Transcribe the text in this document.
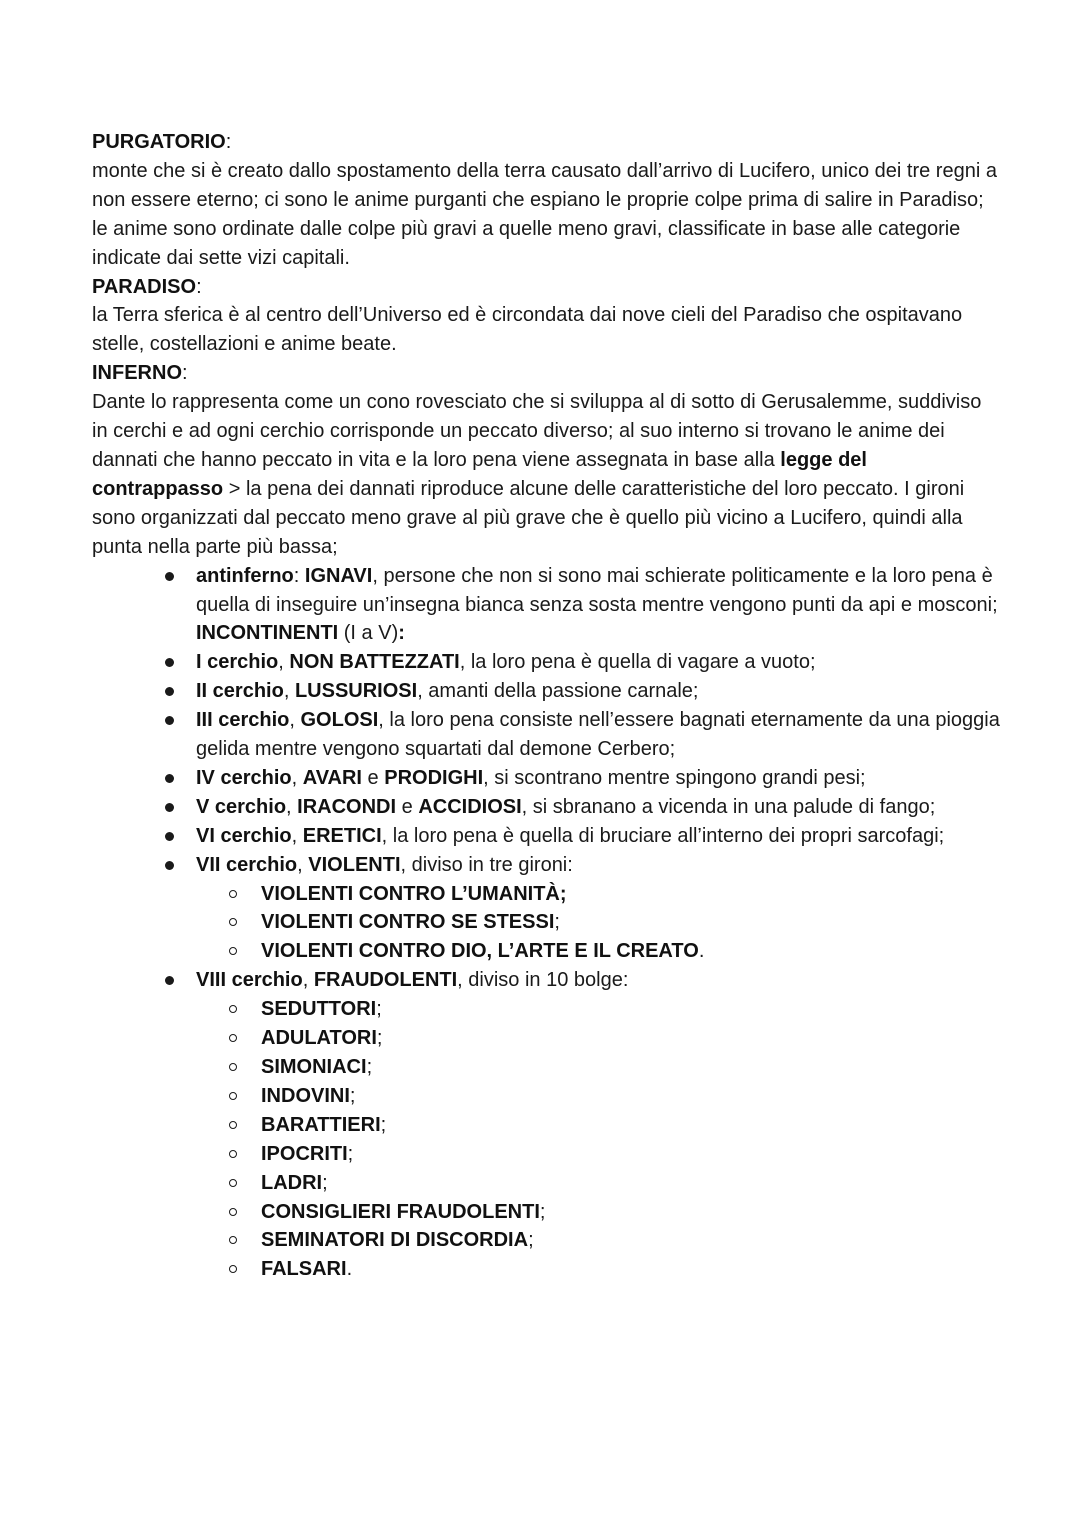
PURGATORIO:

monte che si è creato dallo spostamento della terra causato dall’arrivo di Lucifero, unico dei tre regni a non essere eterno; ci sono le anime purganti che espiano le proprie colpe prima di salire in Paradiso; le anime sono ordinate dalle colpe più gravi a quelle meno gravi, classificate in base alle categorie indicate dai sette vizi capitali.

PARADISO:

la Terra sferica è al centro dell’Universo ed è circondata dai nove cieli del Paradiso che ospitavano stelle, costellazioni e anime beate.

INFERNO:

Dante lo rappresenta come un cono rovesciato che si sviluppa al di sotto di Gerusalemme, suddiviso in cerchi e ad ogni cerchio corrisponde un peccato diverso; al suo interno si trovano le anime dei dannati che hanno peccato in vita e la loro pena viene assegnata in base alla legge del contrappasso > la pena dei dannati riproduce alcune delle caratteristiche del loro peccato. I gironi sono organizzati dal peccato meno grave al più grave che è quello più vicino a Lucifero, quindi alla punta nella parte più bassa;

antinferno: IGNAVI, persone che non si sono mai schierate politicamente e la loro pena è quella di inseguire un’insegna bianca senza sosta mentre vengono punti da api e mosconi;
INCONTINENTI (I a V):
I cerchio, NON BATTEZZATI, la loro pena è quella di vagare a vuoto;
II cerchio, LUSSURIOSI, amanti della passione carnale;
III cerchio, GOLOSI, la loro pena consiste nell’essere bagnati eternamente da una pioggia gelida mentre vengono squartati dal demone Cerbero;
IV cerchio, AVARI e PRODIGHI, si scontrano mentre spingono grandi pesi;
V cerchio, IRACONDI e ACCIDIOSI, si sbranano a vicenda in una palude di fango;
VI cerchio, ERETICI, la loro pena è quella di bruciare all’interno dei propri sarcofagi;
VII cerchio, VIOLENTI, diviso in tre gironi:
VIOLENTI CONTRO L’UMANITÀ;
VIOLENTI CONTRO SE STESSI;
VIOLENTI CONTRO DIO, L’ARTE E IL CREATO.
VIII cerchio, FRAUDOLENTI, diviso in 10 bolge:
SEDUTTORI;
ADULATORI;
SIMONIACI;
INDOVINI;
BARATTIERI;
IPOCRITI;
LADRI;
CONSIGLIERI FRAUDOLENTI;
SEMINATORI DI DISCORDIA;
FALSARI.
